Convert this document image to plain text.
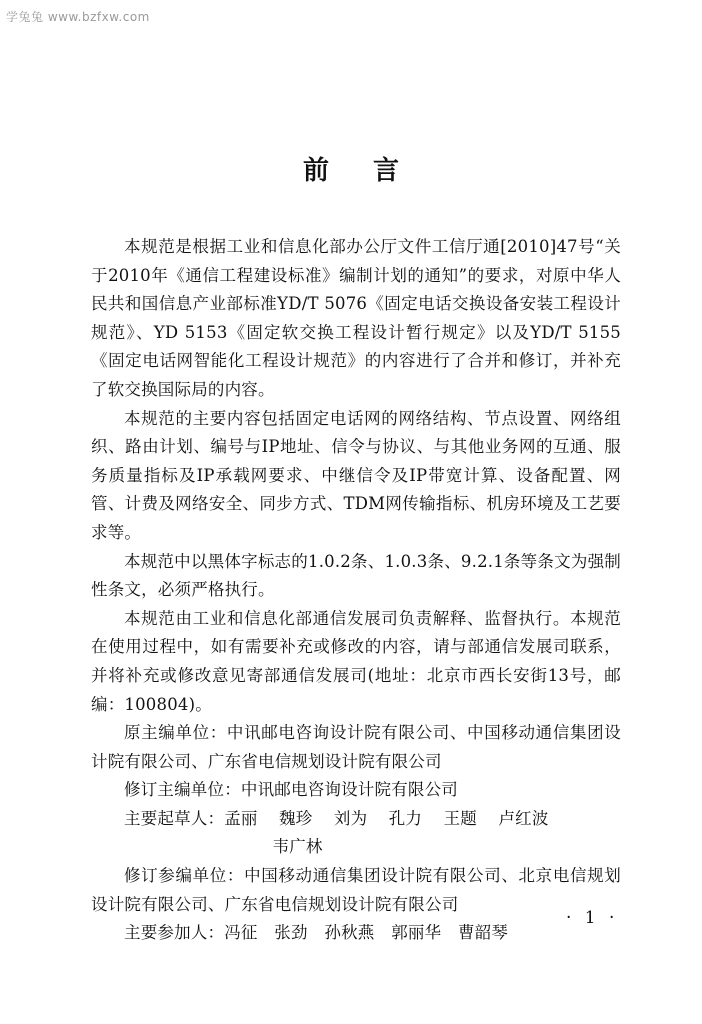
学兔兔 www.bzfxw.com
前言

本规范是根据工业和信息化部办公厅文件工信厅通[2010]47号“关于2010年《通信工程建设标准》编制计划的通知”的要求，对原中华人民共和国信息产业部标准YD/T 5076《固定电话交换设备安装工程设计规范》、YD 5153《固定软交换工程设计暂行规定》以及YD/T 5155《固定电话网智能化工程设计规范》的内容进行了合并和修订，并补充了软交换国际局的内容。

本规范的主要内容包括固定电话网的网络结构、节点设置、网络组织、路由计划、编号与IP地址、信令与协议、与其他业务网的互通、服务质量指标及IP承载网要求、中继信令及IP带宽计算、设备配置、网管、计费及网络安全、同步方式、TDM网传输指标、机房环境及工艺要求等。

本规范中以黑体字标志的1.0.2条、1.0.3条、9.2.1条等条文为强制性条文，必须严格执行。

本规范由工业和信息化部通信发展司负责解释、监督执行。本规范在使用过程中，如有需要补充或修改的内容，请与部通信发展司联系，并将补充或修改意见寄部通信发展司(地址：北京市西长安街13号，邮编：100804)。

原主编单位：中讯邮电咨询设计院有限公司、中国移动通信集团设计院有限公司、广东省电信规划设计院有限公司

修订主编单位：中讯邮电咨询设计院有限公司

主要起草人：孟丽 魏珍 刘为 孔力 王题 卢红波
韦广林

修订参编单位：中国移动通信集团设计院有限公司、北京电信规划设计院有限公司、广东省电信规划设计院有限公司

主要参加人：冯征　张劲　孙秋燕　郭丽华　曹韶琴

· 1 ·
